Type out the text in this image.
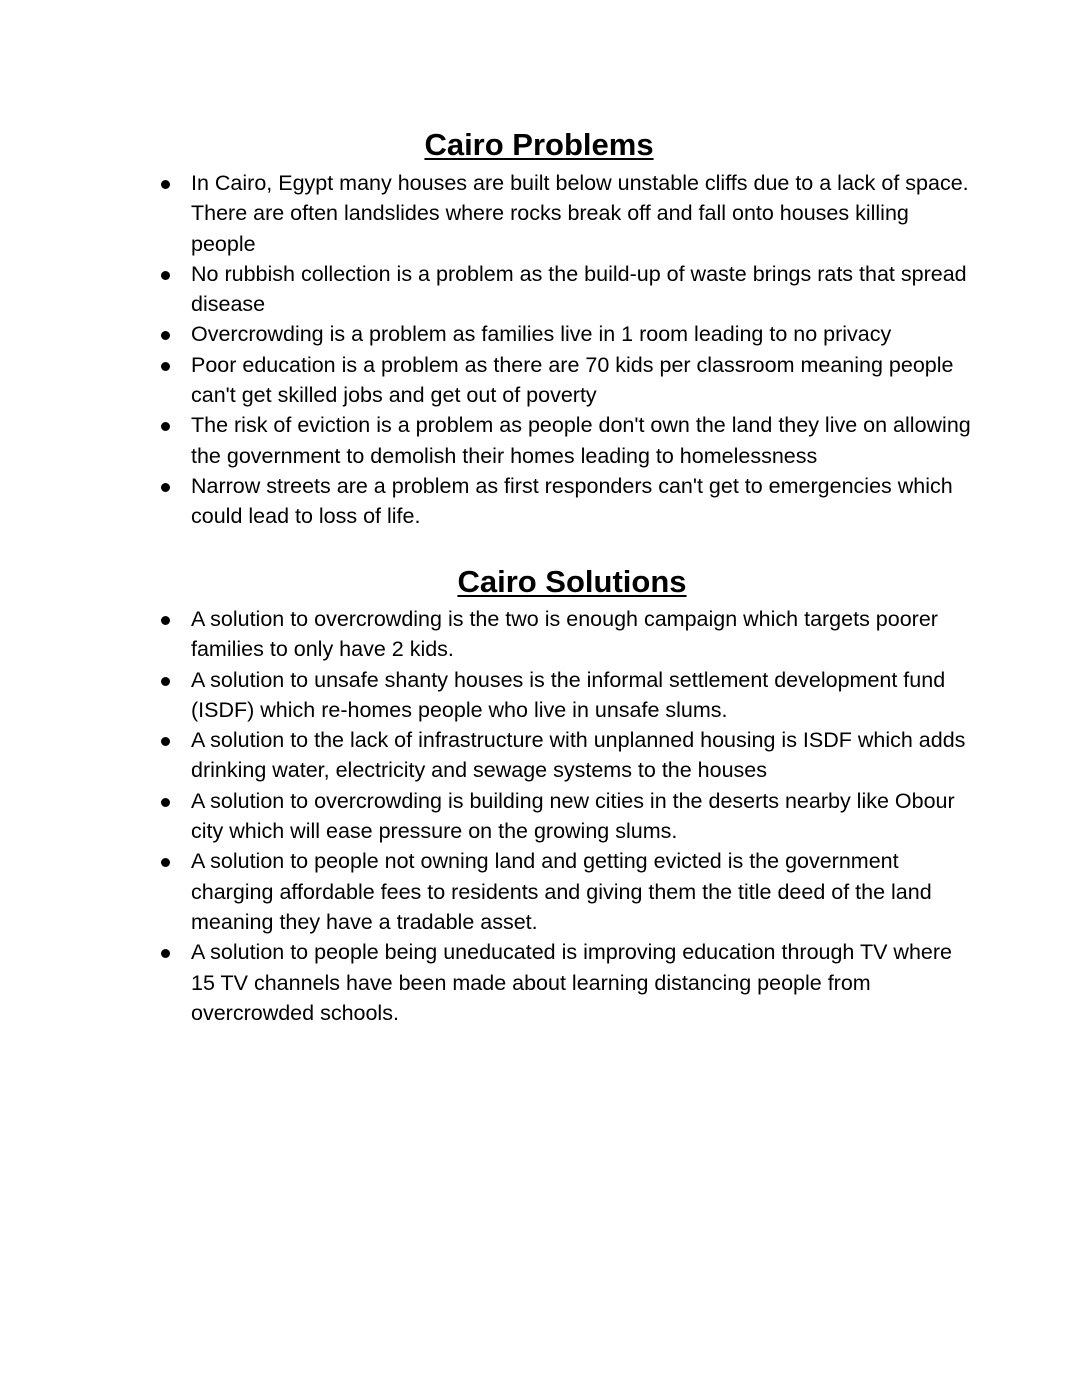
Cairo Problems
In Cairo, Egypt many houses are built below unstable cliffs due to a lack of space. There are often landslides where rocks break off and fall onto houses killing people
No rubbish collection is a problem as the build-up of waste brings rats that spread disease
Overcrowding is a problem as families live in 1 room leading to no privacy
Poor education is a problem as there are 70 kids per classroom meaning people can't get skilled jobs and get out of poverty
The risk of eviction is a problem as people don't own the land they live on allowing the government to demolish their homes leading to homelessness
Narrow streets are a problem as first responders can't get to emergencies which could lead to loss of life.
Cairo Solutions
A solution to overcrowding is the two is enough campaign which targets poorer families to only have 2 kids.
A solution to unsafe shanty houses is the informal settlement development fund (ISDF) which re-homes people who live in unsafe slums.
A solution to the lack of infrastructure with unplanned housing is ISDF which adds drinking water, electricity and sewage systems to the houses
A solution to overcrowding is building new cities in the deserts nearby like Obour city which will ease pressure on the growing slums.
A solution to people not owning land and getting evicted is the government charging affordable fees to residents and giving them the title deed of the land meaning they have a tradable asset.
A solution to people being uneducated is improving education through TV where 15 TV channels have been made about learning distancing people from overcrowded schools.
